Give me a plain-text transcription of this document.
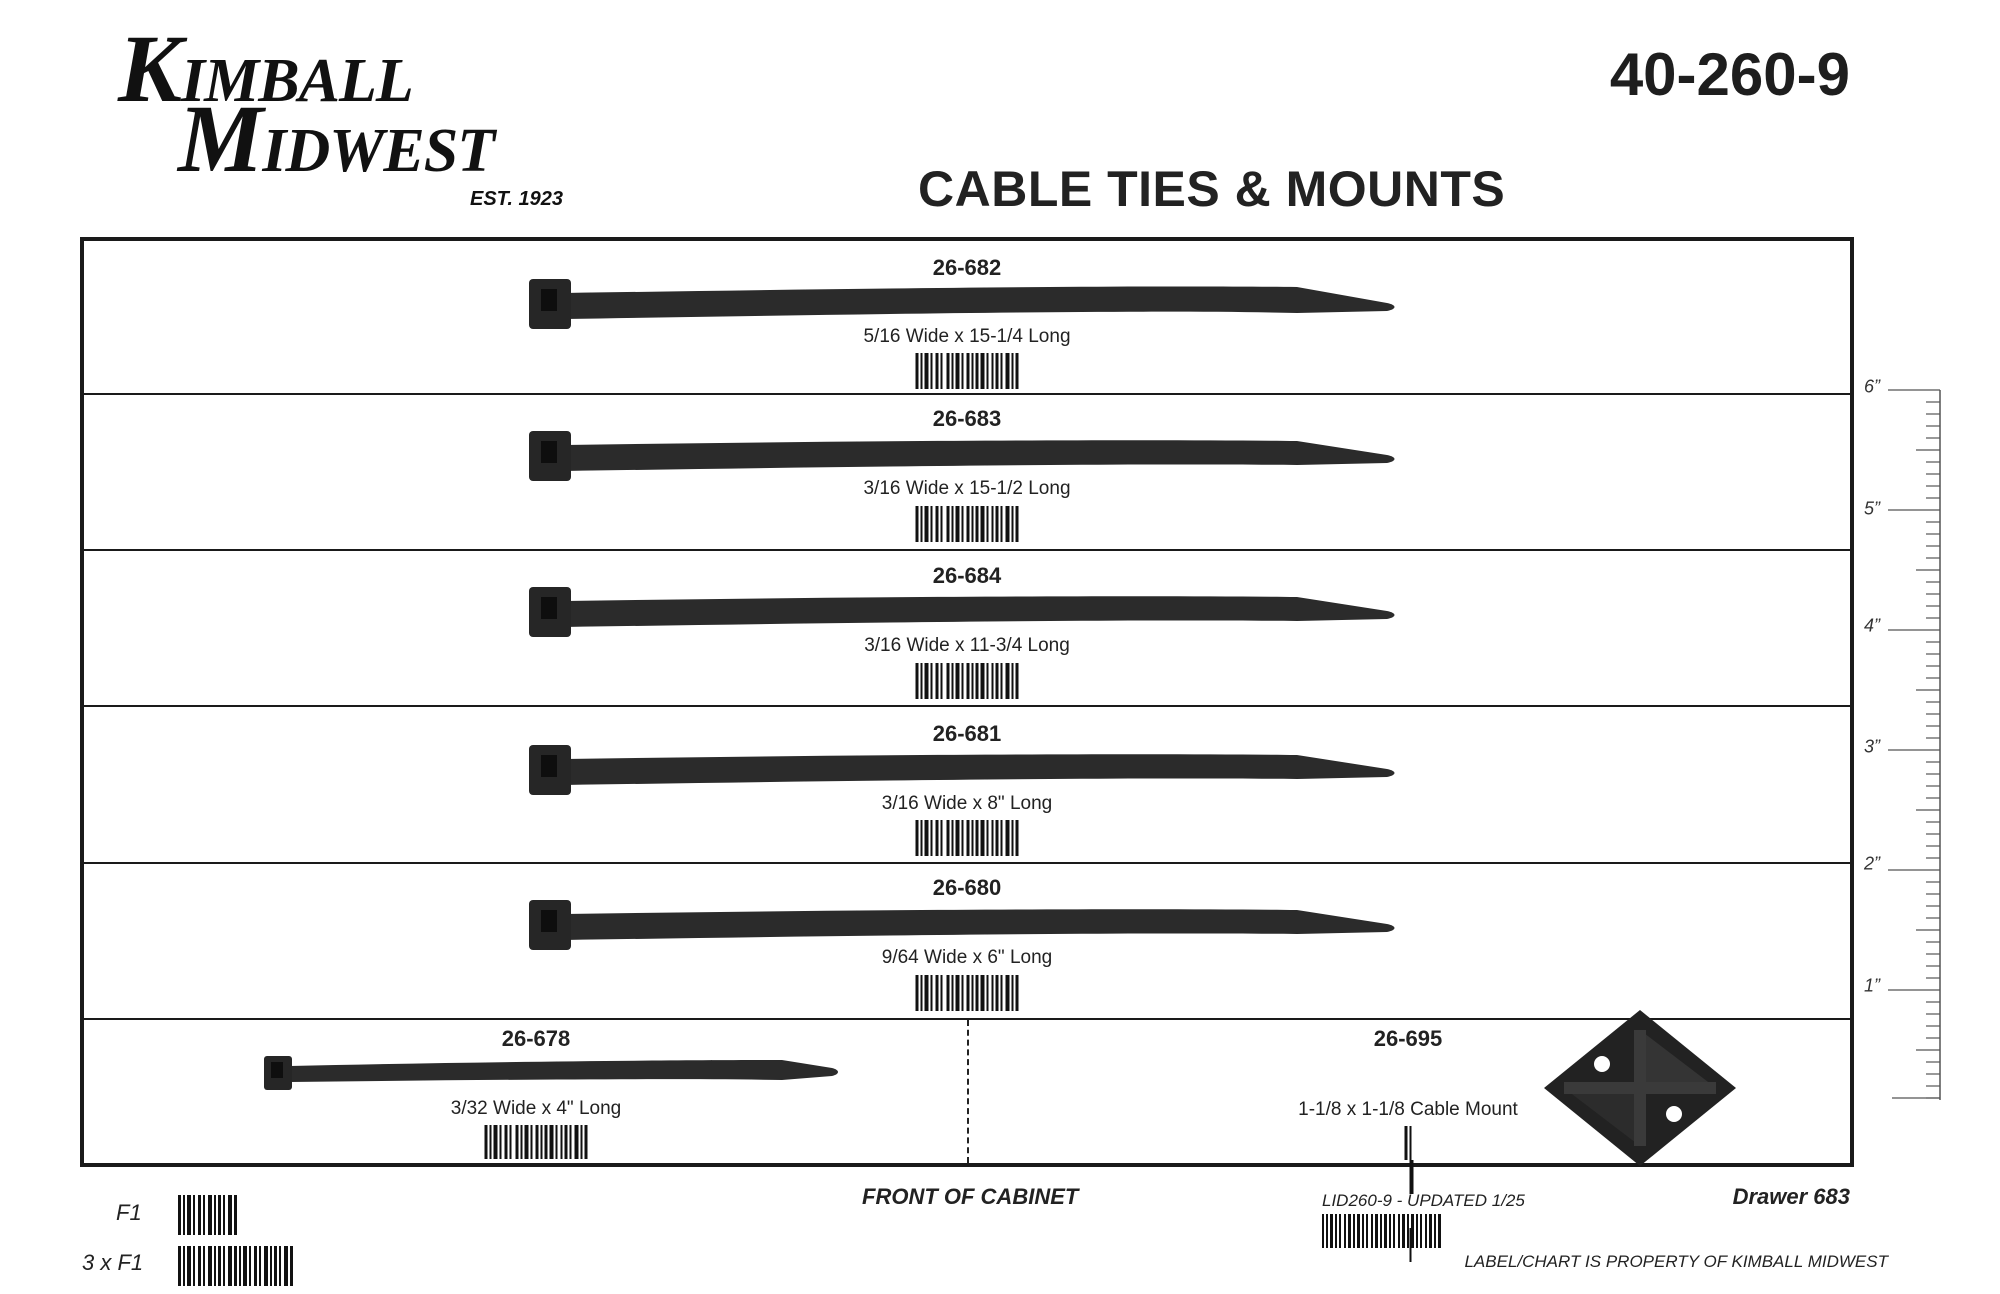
KIMBALL
MIDWEST
EST. 1923
40-260-9
CABLE TIES & MOUNTS
26-682
5/16 Wide x 15-1/4 Long
26-683
3/16 Wide x 15-1/2 Long
26-684
3/16 Wide x 11-3/4 Long
26-681
3/16 Wide x 8" Long
26-680
9/64 Wide x 6" Long
26-678
3/32 Wide x 4" Long
26-695
1-1/8 x 1-1/8 Cable Mount
6”
5”
4”
3”
2”
1”
F1
3 x F1
FRONT OF CABINET	LID260-9 - UPDATED 1/25	Drawer 683
LABEL/CHART IS PROPERTY OF KIMBALL MIDWEST
